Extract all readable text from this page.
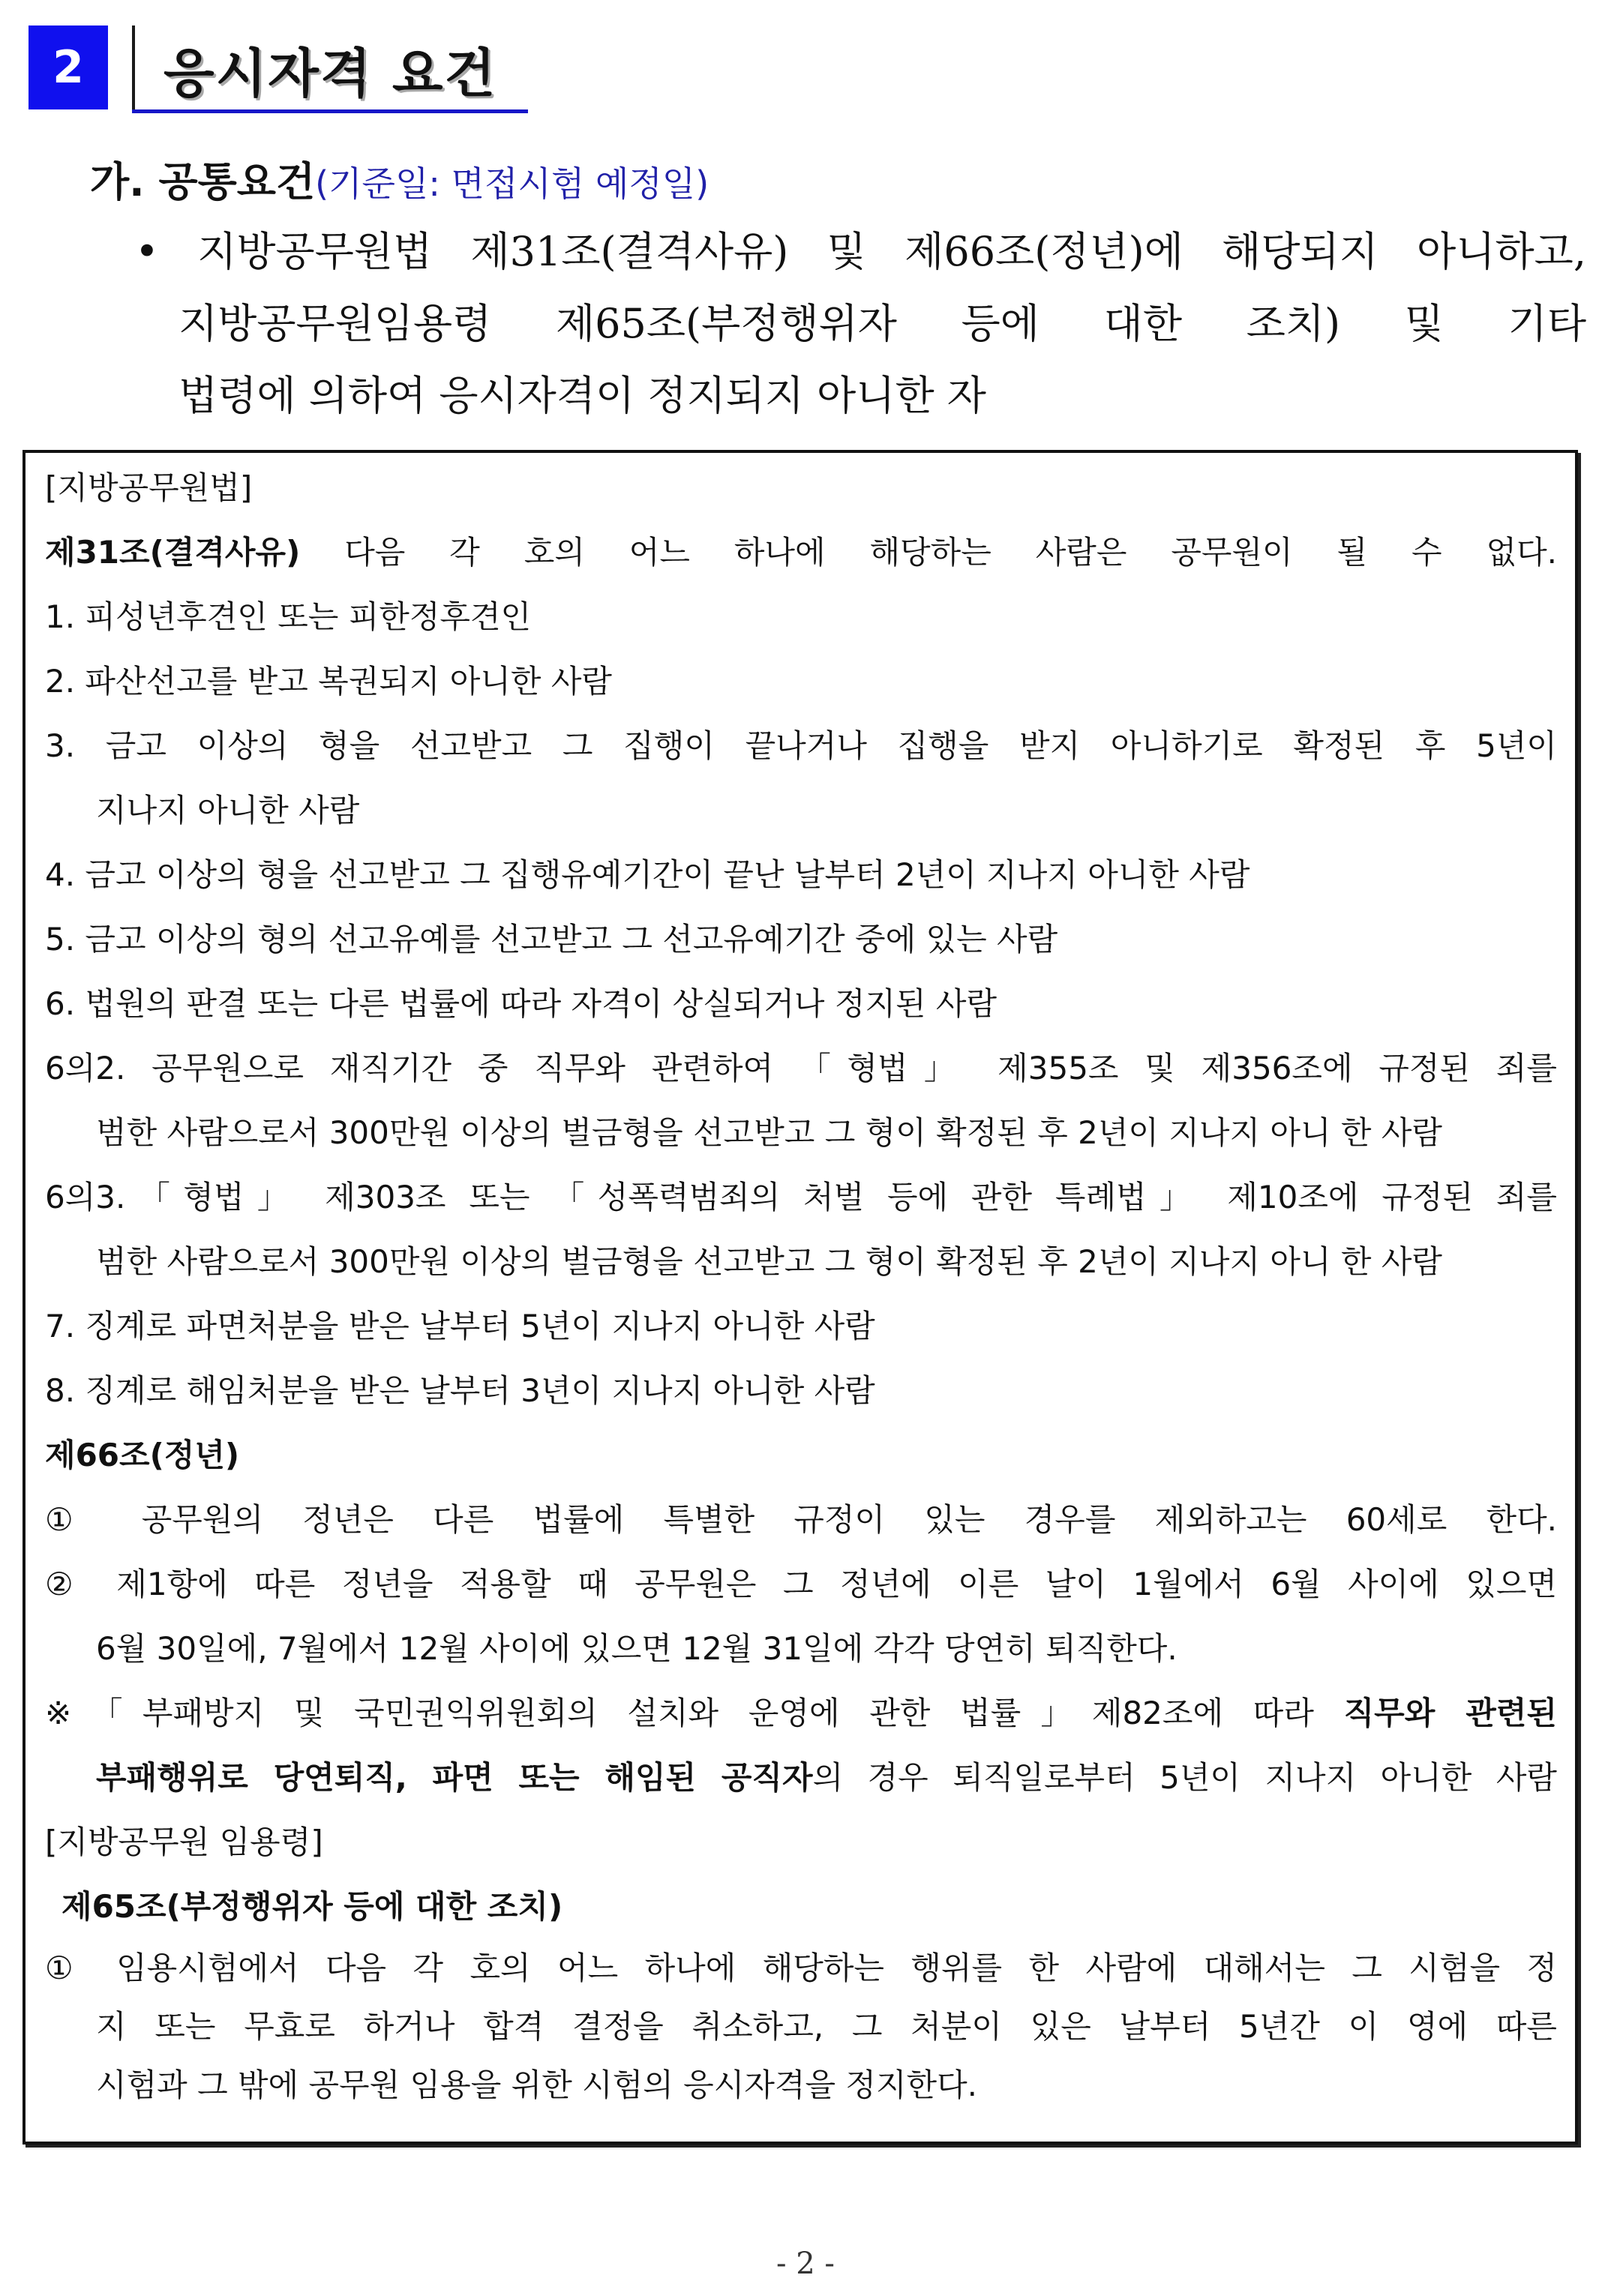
2	응시자격 요건
가. 공통요건(기준일: 면접시험 예정일)
• 지방공무원법 제31조(결격사유) 및 제66조(정년)에 해당되지 아니하고,
지방공무원임용령 제65조(부정행위자 등에 대한 조치) 및 기타
법령에 의하여 응시자격이 정지되지 아니한 자
[지방공무원법]
제31조(결격사유) 다음 각 호의 어느 하나에 해당하는 사람은 공무원이 될 수 없다.
1. 피성년후견인 또는 피한정후견인
2. 파산선고를 받고 복권되지 아니한 사람
3. 금고 이상의 형을 선고받고 그 집행이 끝나거나 집행을 받지 아니하기로 확정된 후 5년이
지나지 아니한 사람
4. 금고 이상의 형을 선고받고 그 집행유예기간이 끝난 날부터 2년이 지나지 아니한 사람
5. 금고 이상의 형의 선고유예를 선고받고 그 선고유예기간 중에 있는 사람
6. 법원의 판결 또는 다른 법률에 따라 자격이 상실되거나 정지된 사람
6의2. 공무원으로 재직기간 중 직무와 관련하여 「형법」 제355조 및 제356조에 규정된 죄를
범한 사람으로서 300만원 이상의 벌금형을 선고받고 그 형이 확정된 후 2년이 지나지 아니 한 사람
6의3.「형법」 제303조 또는 「성폭력범죄의 처벌 등에 관한 특례법」 제10조에 규정된 죄를
범한 사람으로서 300만원 이상의 벌금형을 선고받고 그 형이 확정된 후 2년이 지나지 아니 한 사람
7. 징계로 파면처분을 받은 날부터 5년이 지나지 아니한 사람
8. 징계로 해임처분을 받은 날부터 3년이 지나지 아니한 사람
제66조(정년)
① 공무원의 정년은 다른 법률에 특별한 규정이 있는 경우를 제외하고는 60세로 한다.
② 제1항에 따른 정년을 적용할 때 공무원은 그 정년에 이른 날이 1월에서 6월 사이에 있으면
6월 30일에, 7월에서 12월 사이에 있으면 12월 31일에 각각 당연히 퇴직한다.
※「부패방지 및 국민권익위원회의 설치와 운영에 관한 법률」제82조에 따라 직무와 관련된
부패행위로 당연퇴직, 파면 또는 해임된 공직자의 경우 퇴직일로부터 5년이 지나지 아니한 사람
[지방공무원 임용령]
제65조(부정행위자 등에 대한 조치)
① 임용시험에서 다음 각 호의 어느 하나에 해당하는 행위를 한 사람에 대해서는 그 시험을 정
지 또는 무효로 하거나 합격 결정을 취소하고, 그 처분이 있은 날부터 5년간 이 영에 따른
시험과 그 밖에 공무원 임용을 위한 시험의 응시자격을 정지한다.
- 2 -
